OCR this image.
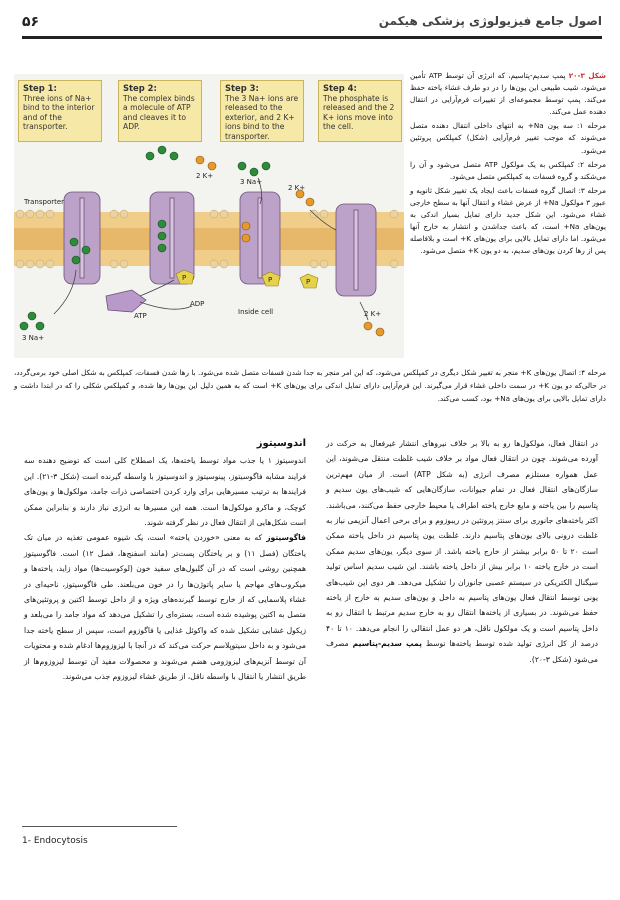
۵۶	اصول جامع فیزیولوژی پزشکی هیکمن
Step 1:
Three ions of Na+ bind to the interior and of the transporter.
Step 2:
The complex binds a molecule of ATP and cleaves it to ADP.
Step 3:
The 3 Na+ ions are released to the exterior, and 2 K+ ions bind to the transporter.
Step 4:
The phosphate is released and the 2 K+ ions move into the cell.
Transporter
ATP
ADP
Inside cell
3 Na+
3 Na+
2 K+
2 K+
2 K+
P	P	P

شکل ۳-۲۰ پمپ سدیم-پتاسیم، که انرژی آن توسط ATP تأمین می‌شود، شیب طبیعی این یون‌ها را در دو طرف غشاء یاخته حفظ می‌کند. پمپ توسط مجموعه‌ای از تغییرات فرم‌آرایی در انتقال دهنده عمل می‌کند.

مرحله ۱: سه یون Na+ به انتهای داخلی انتقال دهنده متصل می‌شوند که موجب تغییر فرم‌آرایی (شکل) کمپلکس پروتئین می‌شود.

مرحله ۲: کمپلکس به یک مولکول ATP متصل می‌شود و آن را می‌شکند و گروه فسفات به کمپلکس متصل می‌شود.

مرحله ۳: اتصال گروه فسفات باعث ایجاد یک تغییر شکل ثانویه و عبور ۳ مولکول Na+ از عرض غشاء و انتقال آنها به سطح خارجی غشاء می‌شود. این شکل جدید دارای تمایل بسیار اندکی به یون‌های Na+ است، که باعث جداشدن و انتشار به خارج آنها می‌شود. اما دارای تمایل بالایی برای یون‌های K+ است و بلافاصله پس از رها کردن یون‌های سدیم، به دو یون K+ متصل می‌شود.

مرحله ۴: اتصال یون‌های K+ منجر به تغییر شکل دیگری در کمپلکس می‌شود، که این امر منجر به جدا شدن فسفات متصل شده می‌شود. با رها شدن فسفات، کمپلکس به شکل اصلی خود برمی‌گردد، در حالی‌که دو یون K+ در سمت داخلی غشاء قرار می‌گیرند. این فرم‌آرایی دارای تمایل اندکی برای یون‌های K+ است که به همین دلیل این یون‌ها رها شده، و کمپلکس شکلی را که در ابتدا داشت و دارای تمایل بالایی برای یون‌های Na+ بود، کسب می‌کند.

در انتقال فعال، مولکول‌ها رو به بالا بر خلاف نیروهای انتشار غیرفعال به حرکت در آورده می‌شوند. چون در انتقال فعال مواد بر خلاف شیب غلظت منتقل می‌شوند، این عمل همواره مستلزم مصرف انرژی (به شکل ATP) است. از میان مهم‌ترین سازگان‌های انتقال فعال در تمام جیوانات، سازگان‌هایی که شیب‌های یون سدیم و پتاسیم را بین یاخته و مایع خارج یاخته اطراف یا محیط خارجی حفظ می‌کنند، می‌باشند. اکثر یاخته‌های جانوری برای سنتز پروتئین در ریبوزوم و برای برخی اعمال آنزیمی نیاز به غلظت درونی بالای یون‌های پتاسیم دارند. غلظت یون پتاسیم در داخل یاخته ممکن است ۲۰ تا ۵۰ برابر بیشتر از خارج یاخته باشد. از سوی دیگر، یون‌های سدیم ممکن است در خارج یاخته ۱۰ برابر بیش از داخل یاخته باشند. این شیب سدیم اساس تولید سیگنال الکتریکی در سیستم عصبی جانوران را تشکیل می‌دهد. هر دوی این شیب‌های یونی توسط انتقال فعال یون‌های پتاسیم به داخل و یون‌های سدیم به خارج از یاخته حفظ می‌شوند. در بسیاری از یاخته‌ها انتقال رو به خارج سدیم مرتبط با انتقال رو به داخل پتاسیم است و یک مولکول ناقل، هر دو عمل انتقالی را انجام می‌دهد. ۱۰ تا ۴۰ درصد از کل انرژی تولید شده توسط یاخته‌ها توسط پمپ سدیم-پتاسیم مصرف می‌شود (شکل ۳-۲۰).

اندوسیتوز

اندوسیتوز ۱ یا جذب مواد توسط یاخته‌ها، یک اصطلاح کلی است که توضیح دهنده سه فرایند مشابه فاگوسیتوز، پینوسیتوز و اندوسیتوز با واسطه گیرنده است (شکل ۳-۲۱). این فرایندها به ترتیب مسیرهایی برای وارد کردن اختصاصی ذرات جامد، مولکول‌ها و یون‌های کوچک، و ماکرو مولکول‌ها است. همه این مسیرها به انرژی نیاز دارند و بنابراین ممکن است شکل‌هایی از انتقال فعال در نظر گرفته شوند.

فاگوسیتوز که به معنی «خوردن یاخته» است، یک شیوه عمومی تغذیه در میان تک یاختگان (فصل ۱۱) و بر یاختگان پست‌تر (مانند اسفنج‌ها، فصل ۱۲) است. فاگوسیتوز همچنین روشی است که در آن گلبول‌های سفید خون (لوکوسیت‌ها) مواد زاید، یاخته‌ها و میکروب‌های مهاجم یا سایر پاتوژن‌ها را در خون می‌بلعند. طی فاگوسیتوز، ناحیه‌ای در غشاء پلاسمایی که از خارج توسط گیرنده‌های ویژه و از داخل توسط اکتین و پروتئین‌های متصل به اکتین پوشیده شده است، بستره‌ای را تشکیل می‌دهد که مواد جامد را می‌بلعد و زیکول غشایی تشکیل شده که واکوئل غذایی یا فاگوزوم است، سپس از سطح یاخته جدا می‌شود و به داخل سیتوپلاسم حرکت می‌کند که در آنجا با لیزوزوم‌ها ادغام شده و محتویات آن توسط آنزیم‌های لیزوزومی هضم می‌شوند و محصولات مفید آن توسط لیزوزوم‌ها از طریق انتشار یا انتقال با واسطه ناقل، از طریق غشاء لیزوزوم جذب می‌شوند.

1- Endocytosis
